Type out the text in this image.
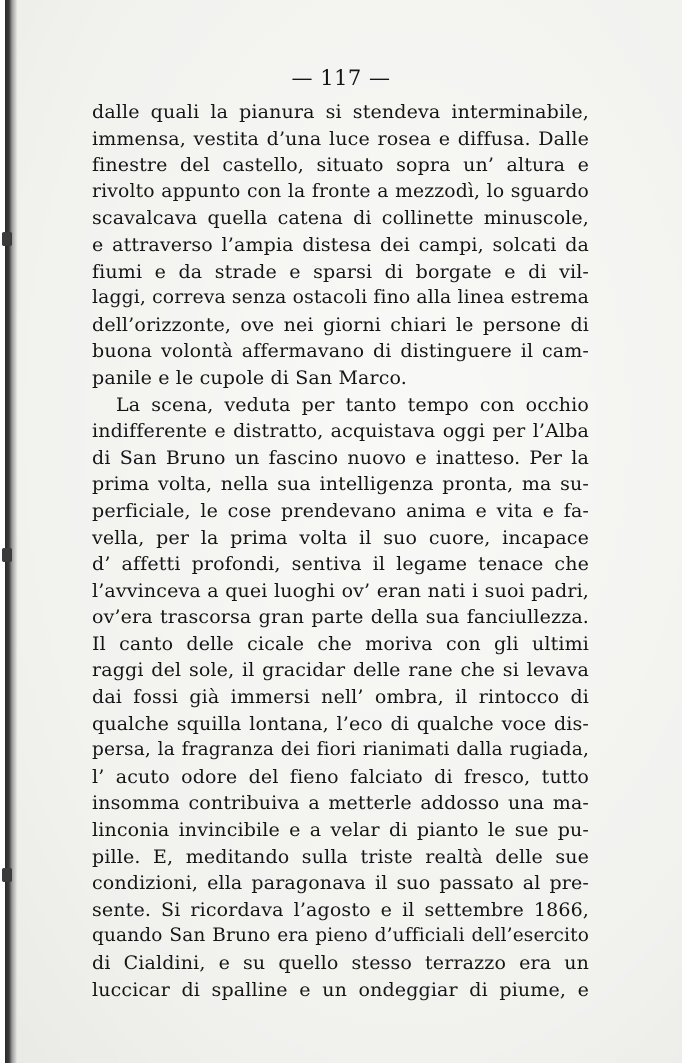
— 117 —
dalle quali la pianura si stendeva interminabile,
immensa, vestita d’una luce rosea e diffusa. Dalle
finestre del castello, situato sopra un’ altura e
rivolto appunto con la fronte a mezzodì, lo sguardo
scavalcava quella catena di collinette minuscole,
e attraverso l’ampia distesa dei campi, solcati da
fiumi e da strade e sparsi di borgate e di vil-
laggi, correva senza ostacoli fino alla linea estrema
dell’orizzonte, ove nei giorni chiari le persone di
buona volontà affermavano di distinguere il cam-
panile e le cupole di San Marco.
La scena, veduta per tanto tempo con occhio
indifferente e distratto, acquistava oggi per l’Alba
di San Bruno un fascino nuovo e inatteso. Per la
prima volta, nella sua intelligenza pronta, ma su-
perficiale, le cose prendevano anima e vita e fa-
vella, per la prima volta il suo cuore, incapace
d’ affetti profondi, sentiva il legame tenace che
l’avvinceva a quei luoghi ov’ eran nati i suoi padri,
ov’era trascorsa gran parte della sua fanciullezza.
Il canto delle cicale che moriva con gli ultimi
raggi del sole, il gracidar delle rane che si levava
dai fossi già immersi nell’ ombra, il rintocco di
qualche squilla lontana, l’eco di qualche voce dis-
persa, la fragranza dei fiori rianimati dalla rugiada,
l’ acuto odore del fieno falciato di fresco, tutto
insomma contribuiva a metterle addosso una ma-
linconia invincibile e a velar di pianto le sue pu-
pille. E, meditando sulla triste realtà delle sue
condizioni, ella paragonava il suo passato al pre-
sente. Si ricordava l’agosto e il settembre 1866,
quando San Bruno era pieno d’ufficiali dell’esercito
di Cialdini, e su quello stesso terrazzo era un
luccicar di spalline e un ondeggiar di piume, e
